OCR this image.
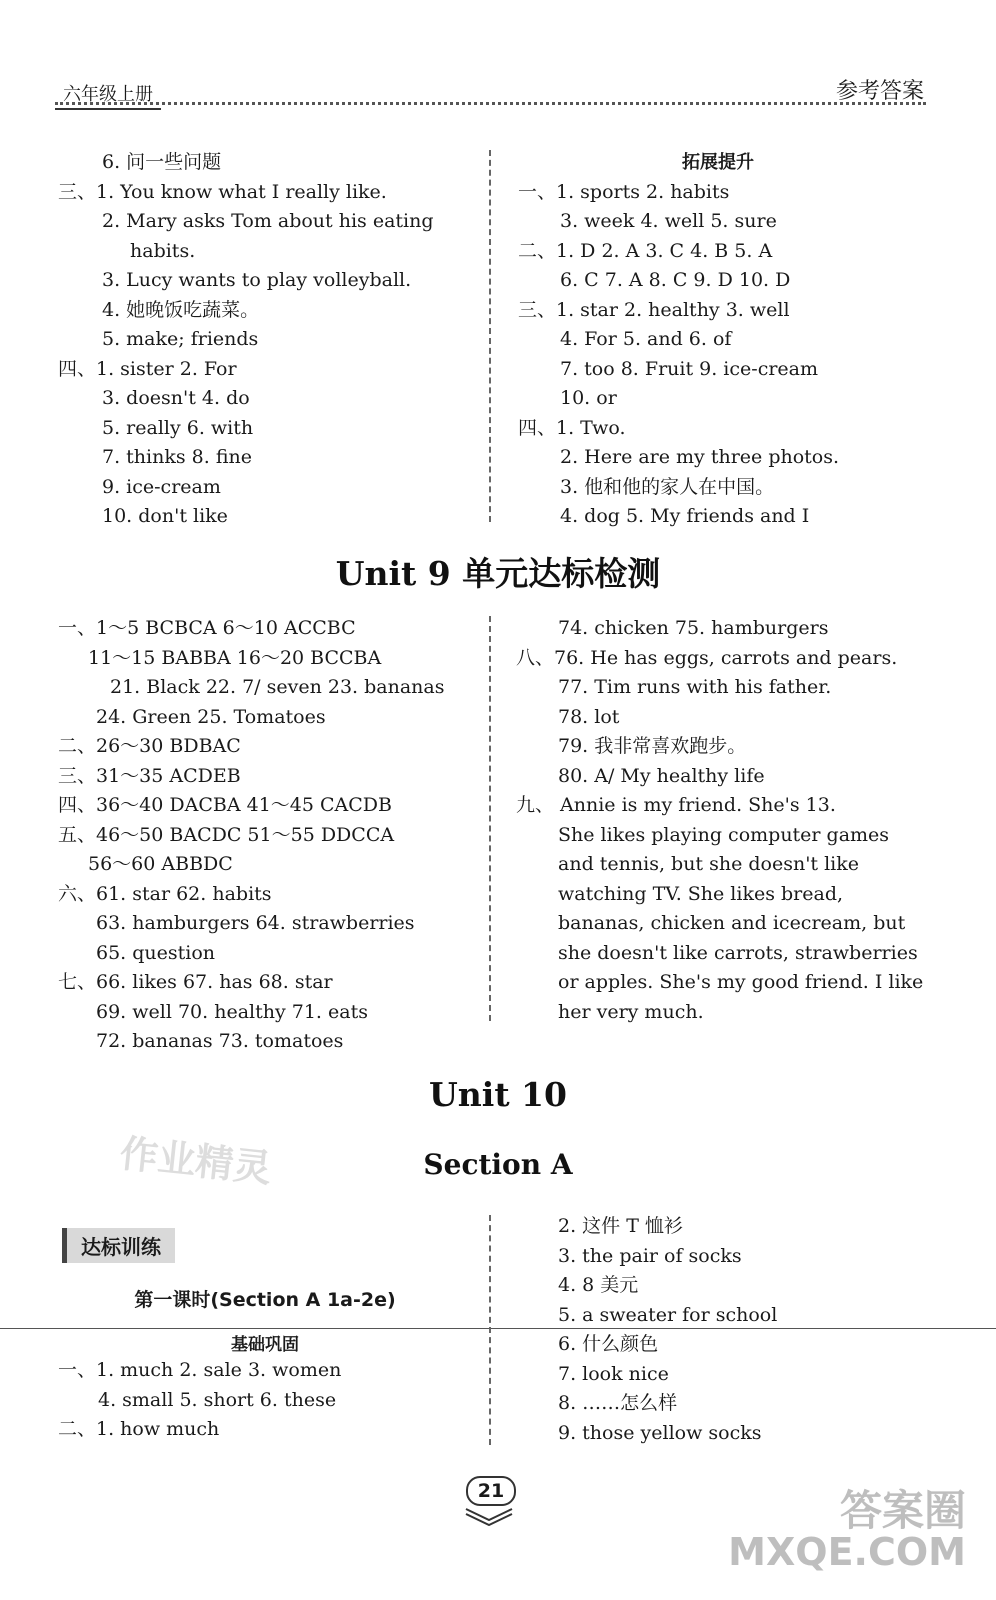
六年级上册	参考答案
6. 问一些问题
三、1. You know what I really like.
2. Mary asks Tom about his eating
habits.
3. Lucy wants to play volleyball.
4. 她晚饭吃蔬菜。
5. make; friends
四、1. sister 2. For
3. doesn't 4. do
5. really 6. with
7. thinks 8. fine
9. ice-cream
10. don't like
拓展提升
一、1. sports 2. habits
3. week 4. well 5. sure
二、1. D 2. A 3. C 4. B 5. A
6. C 7. A 8. C 9. D 10. D
三、1. star 2. healthy 3. well
4. For 5. and 6. of
7. too 8. Fruit 9. ice-cream
10. or
四、1. Two.
2. Here are my three photos.
3. 他和他的家人在中国。
4. dog 5. My friends and I
Unit 9 单元达标检测
一、1～5 BCBCA 6～10 ACCBC
11～15 BABBA 16～20 BCCBA
21. Black 22. 7/ seven 23. bananas
24. Green 25. Tomatoes
二、26～30 BDBAC
三、31～35 ACDEB
四、36～40 DACBA 41～45 CACDB
五、46～50 BACDC 51～55 DDCCA
56～60 ABBDC
六、61. star 62. habits
63. hamburgers 64. strawberries
65. question
七、66. likes 67. has 68. star
69. well 70. healthy 71. eats
72. bananas 73. tomatoes
74. chicken 75. hamburgers
八、76. He has eggs, carrots and pears.
77. Tim runs with his father.
78. lot
79. 我非常喜欢跑步。
80. A/ My healthy life
九、 Annie is my friend. She's 13.
She likes playing computer games
and tennis, but she doesn't like
watching TV. She likes bread,
bananas, chicken and icecream, but
she doesn't like carrots, strawberries
or apples. She's my good friend. I like
her very much.
Unit 10
作业精灵	Section A
达标训练
第一课时(Section A 1a-2e)
基础巩固
一、1. much 2. sale 3. women
4. small 5. short 6. these
二、1. how much
2. 这件 T 恤衫
3. the pair of socks
4. 8 美元
5. a sweater for school
6. 什么颜色
7. look nice
8. ……怎么样
9. those yellow socks
21	答案圈
MXQE.COM
